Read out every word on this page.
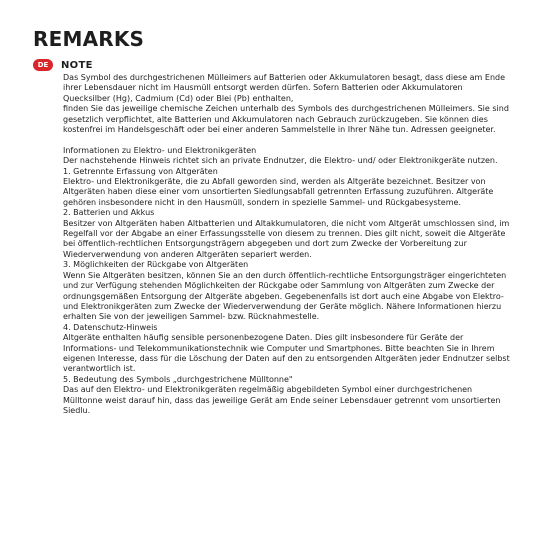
REMARKS
DE	NOTE

Das Symbol des durchgestrichenen Mülleimers auf Batterien oder Akkumulatoren besagt, dass diese am Ende ihrer Lebensdauer nicht im Hausmüll entsorgt werden dürfen. Sofern Batterien oder Akkumulatoren Quecksilber (Hg), Cadmium (Cd) oder Blei (Pb) enthalten,

finden Sie das jeweilige chemische Zeichen unterhalb des Symbols des durchgestrichenen Mülleimers. Sie sind gesetzlich verpflichtet, alte Batterien und Akkumulatoren nach Gebrauch zurückzugeben. Sie können dies kostenfrei im Handelsgeschäft oder bei einer anderen Sammelstelle in Ihrer Nähe tun. Adressen geeigneter.

Informationen zu Elektro- und Elektronikgeräten

Der nachstehende Hinweis richtet sich an private Endnutzer, die Elektro- und/ oder Elektronikgeräte nutzen.

1. Getrennte Erfassung von Altgeräten

Elektro- und Elektronikgeräte, die zu Abfall geworden sind, werden als Altgeräte bezeichnet. Besitzer von Altgeräten haben diese einer vom unsortierten Siedlungsabfall getrennten Erfassung zuzuführen. Altgeräte gehören insbesondere nicht in den Hausmüll, sondern in spezielle Sammel- und Rückgabesysteme.

2. Batterien und Akkus

Besitzer von Altgeräten haben Altbatterien und Altakkumulatoren, die nicht vom Altgerät umschlossen sind, im Regelfall vor der Abgabe an einer Erfassungsstelle von diesem zu trennen. Dies gilt nicht, soweit die Altgeräte bei öffentlich-rechtlichen Entsorgungsträgern abgegeben und dort zum Zwecke der Vorbereitung zur Wiederverwendung von anderen Altgeräten separiert werden.

3. Möglichkeiten der Rückgabe von Altgeräten

Wenn Sie Altgeräten besitzen, können Sie an den durch öffentlich-rechtliche Entsorgungsträger eingerichteten und zur Verfügung stehenden Möglichkeiten der Rückgabe oder Sammlung von Altgeräten zum Zwecke der ordnungsgemäßen Entsorgung der Altgeräte abgeben. Gegebenenfalls ist dort auch eine Abgabe von Elektro- und Elektronikgeräten zum Zwecke der Wiederverwendung der Geräte möglich. Nähere Informationen hierzu erhalten Sie von der jeweiligen Sammel- bzw. Rücknahmestelle.

4. Datenschutz-Hinweis

Altgeräte enthalten häufig sensible personenbezogene Daten. Dies gilt insbesondere für Geräte der Informations- und Telekommunikationstechnik wie Computer und Smartphones. Bitte beachten Sie in Ihrem eigenen Interesse, dass für die Löschung der Daten auf den zu entsorgenden Altgeräten jeder Endnutzer selbst verantwortlich ist.

5. Bedeutung des Symbols „durchgestrichene Mülltonne"

Das auf den Elektro- und Elektronikgeräten regelmäßig abgebildeten Symbol einer durchgestrichenen Mülltonne weist darauf hin, dass das jeweilige Gerät am Ende seiner Lebensdauer getrennt vom unsortierten Siedlu.
